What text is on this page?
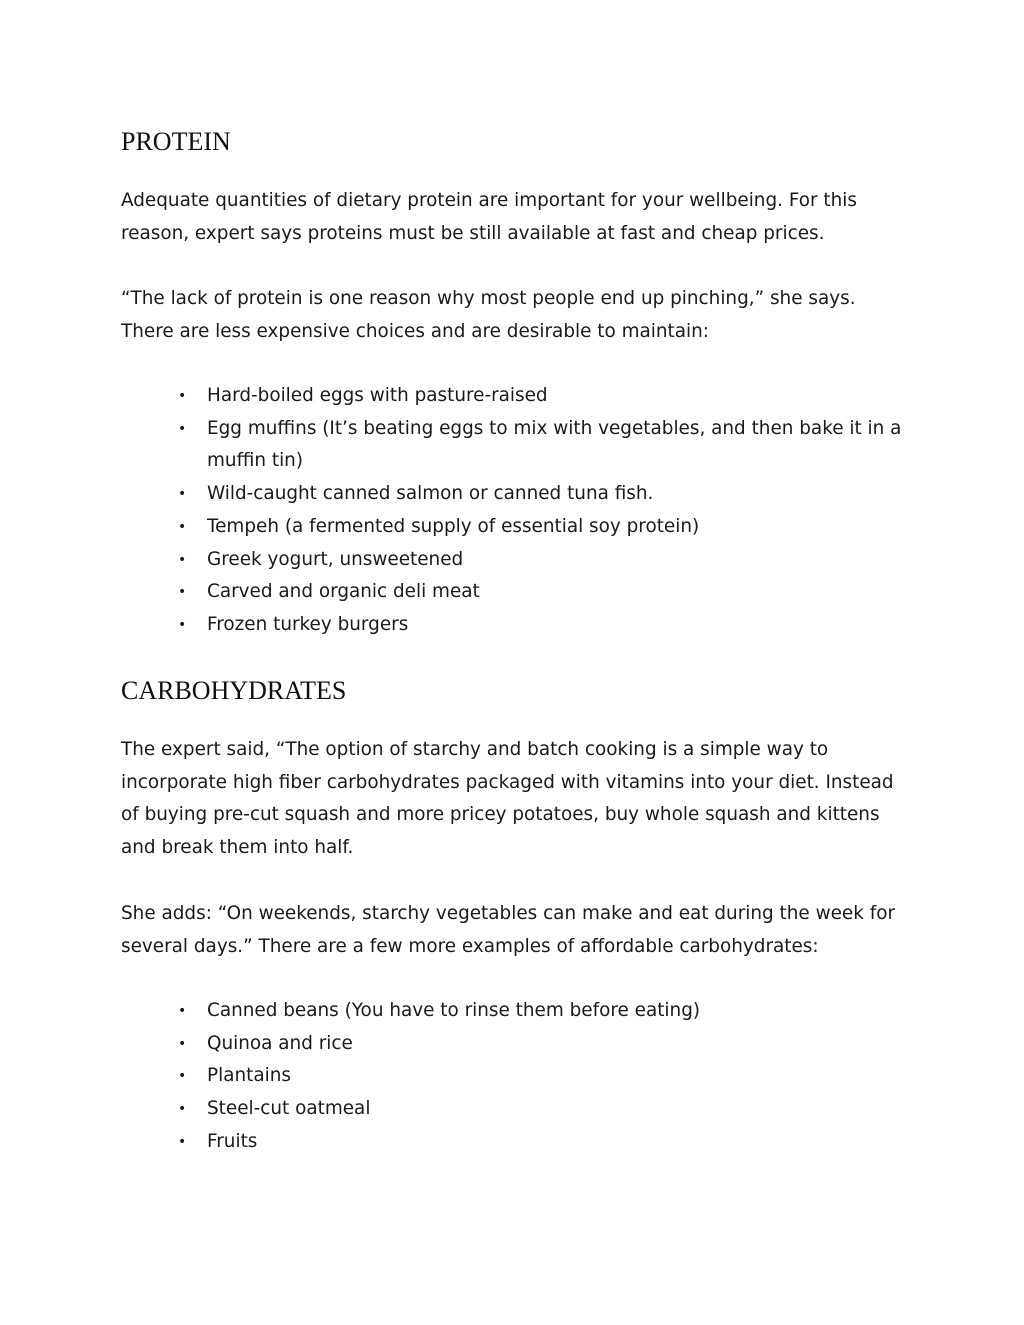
PROTEIN

Adequate quantities of dietary protein are important for your wellbeing. For this reason, expert says proteins must be still available at fast and cheap prices.

“The lack of protein is one reason why most people end up pinching,” she says. There are less expensive choices and are desirable to maintain:

• Hard-boiled eggs with pasture-raised
• Egg muffins (It’s beating eggs to mix with vegetables, and then bake it in a muffin tin)
• Wild-caught canned salmon or canned tuna fish.
• Tempeh (a fermented supply of essential soy protein)
• Greek yogurt, unsweetened
• Carved and organic deli meat
• Frozen turkey burgers
CARBOHYDRATES

The expert said, “The option of starchy and batch cooking is a simple way to incorporate high fiber carbohydrates packaged with vitamins into your diet. Instead of buying pre-cut squash and more pricey potatoes, buy whole squash and kittens and break them into half.

She adds: “On weekends, starchy vegetables can make and eat during the week for several days.” There are a few more examples of affordable carbohydrates:

• Canned beans (You have to rinse them before eating)
• Quinoa and rice
• Plantains
• Steel-cut oatmeal
• Fruits
